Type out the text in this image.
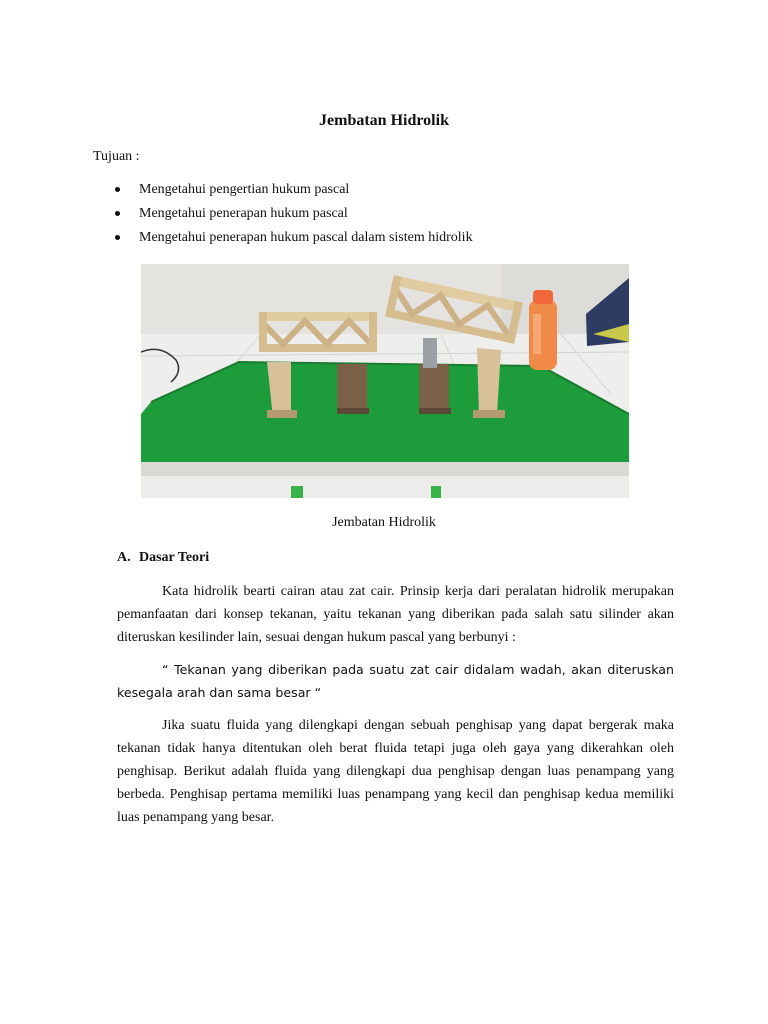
Jembatan Hidrolik
Tujuan :
Mengetahui pengertian hukum pascal
Mengetahui penerapan hukum pascal
Mengetahui penerapan hukum pascal dalam sistem hidrolik
Jembatan Hidrolik
A. Dasar Teori

Kata hidrolik bearti cairan atau zat cair. Prinsip kerja dari peralatan hidrolik merupakan pemanfaatan dari konsep tekanan, yaitu tekanan yang diberikan pada salah satu silinder akan diteruskan kesilinder lain, sesuai dengan hukum pascal yang berbunyi :

“ Tekanan yang diberikan pada suatu zat cair didalam wadah, akan diteruskan kesegala arah dan sama besar “

Jika suatu fluida yang dilengkapi dengan sebuah penghisap yang dapat bergerak maka tekanan tidak hanya ditentukan oleh berat fluida tetapi juga oleh gaya yang dikerahkan oleh penghisap. Berikut adalah fluida yang dilengkapi dua penghisap dengan luas penampang yang berbeda. Penghisap pertama memiliki luas penampang yang kecil dan penghisap kedua memiliki luas penampang yang besar.
